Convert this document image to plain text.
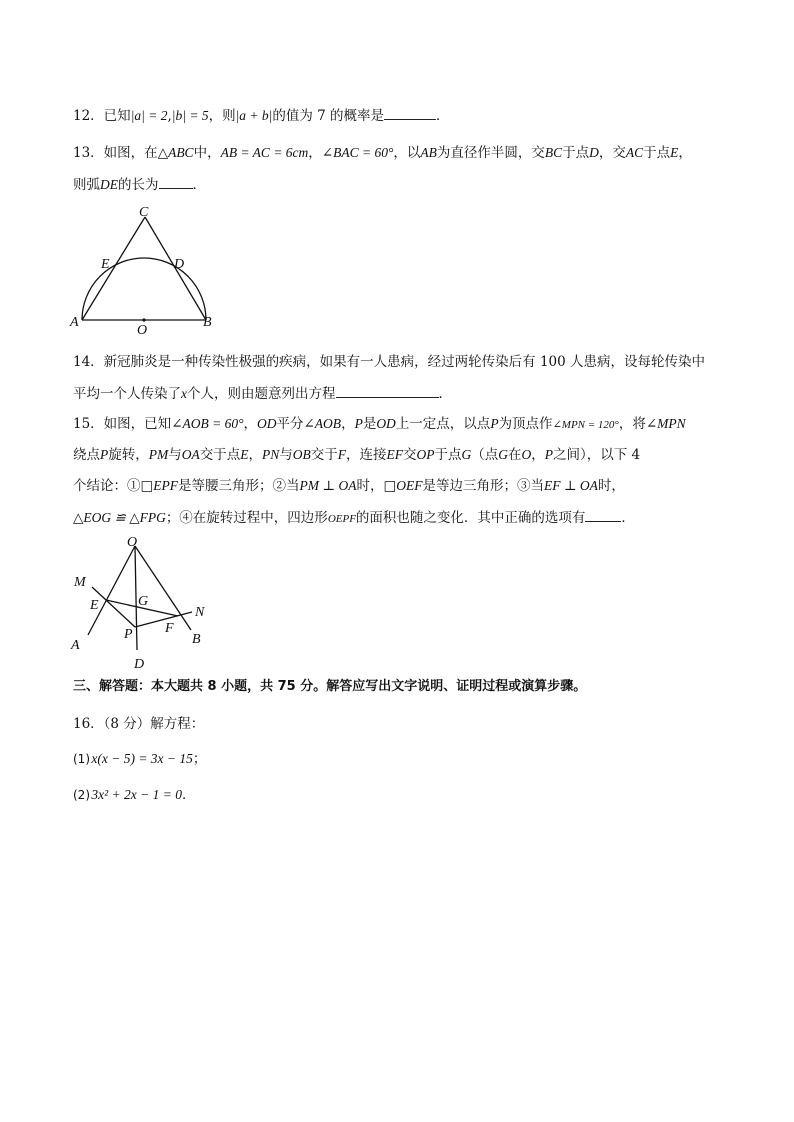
12．已知|a| = 2,|b| = 5，则|a + b|的值为 7 的概率是	．
13．如图，在△ABC中，AB = AC = 6cm，∠BAC = 60°，以AB为直径作半圆，交BC于点D，交AC于点E，
则弧DE的长为	．
C
E	D
A
O
B
14．新冠肺炎是一种传染性极强的疾病，如果有一人患病，经过两轮传染后有 100 人患病，设每轮传染中
平均一个人传染了x个人，则由题意列出方程	．
15．如图，已知∠AOB = 60°，OD平分∠AOB，P是OD上一定点，以点P为顶点作∠MPN = 120°，将∠MPN
绕点P旋转，PM与OA交于点E，PN与OB交于F，连接EF交OP于点G（点G在O，P之间），以下 4
个结论：①□EPF是等腰三角形；②当PM ⊥ OA时，□OEF是等边三角形；③当EF ⊥ OA时，
△EOG ≌ △FPG；④在旋转过程中，四边形OEPF的面积也随之变化．其中正确的选项有	．
O
M
E	G
N
F
P
A	B
D
三、解答题：本大题共 8 小题，共 75 分。解答应写出文字说明、证明过程或演算步骤。
16．（8 分）解方程：
(1) x(x − 5) = 3x − 15；
(2) 3x² + 2x − 1 = 0．
